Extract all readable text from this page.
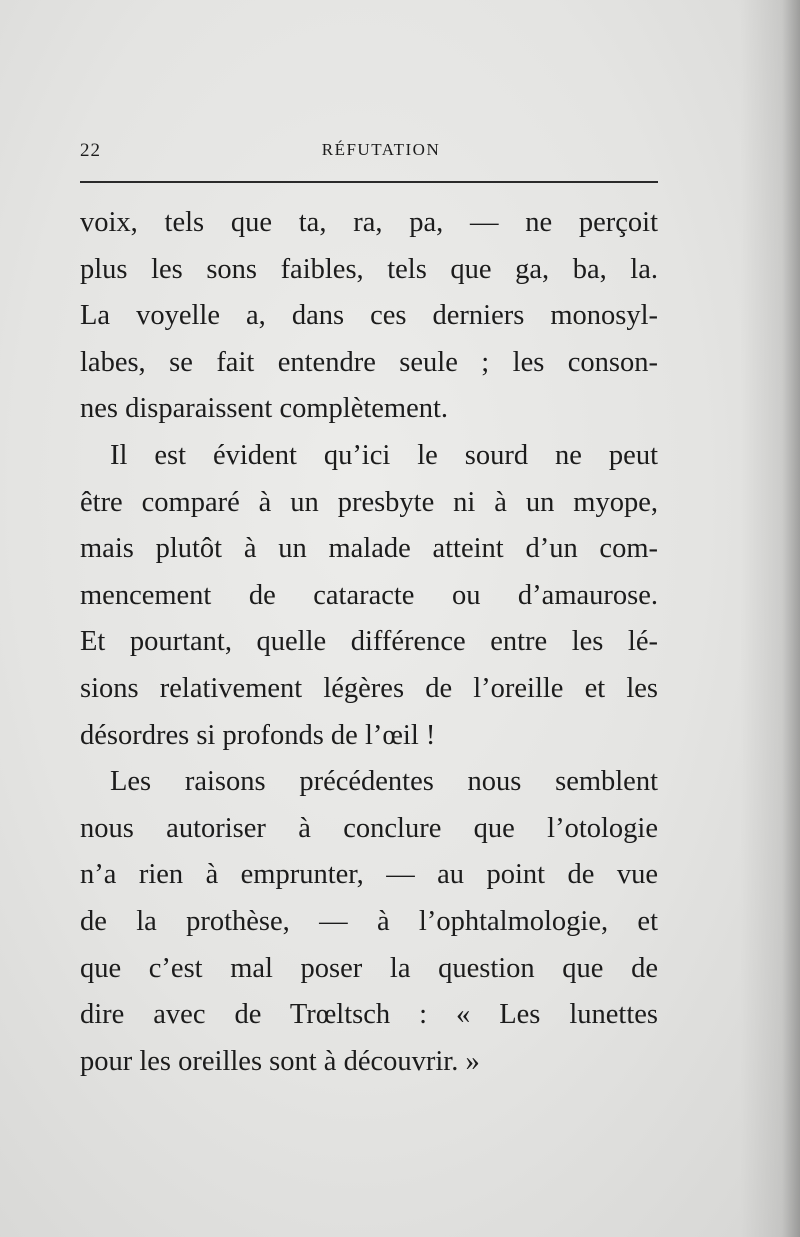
22	RÉFUTATION
voix, tels que ta, ra, pa, — ne perçoit
plus les sons faibles, tels que ga, ba, la.
La voyelle a, dans ces derniers monosyl-
labes, se fait entendre seule ; les conson-
nes disparaissent complètement.
Il est évident qu’ici le sourd ne peut
être comparé à un presbyte ni à un myope,
mais plutôt à un malade atteint d’un com-
mencement de cataracte ou d’amaurose.
Et pourtant, quelle différence entre les lé-
sions relativement légères de l’oreille et les
désordres si profonds de l’œil !
Les raisons précédentes nous semblent
nous autoriser à conclure que l’otologie
n’a rien à emprunter, — au point de vue
de la prothèse, — à l’ophtalmologie, et
que c’est mal poser la question que de
dire avec de Trœltsch : « Les lunettes
pour les oreilles sont à découvrir. »
